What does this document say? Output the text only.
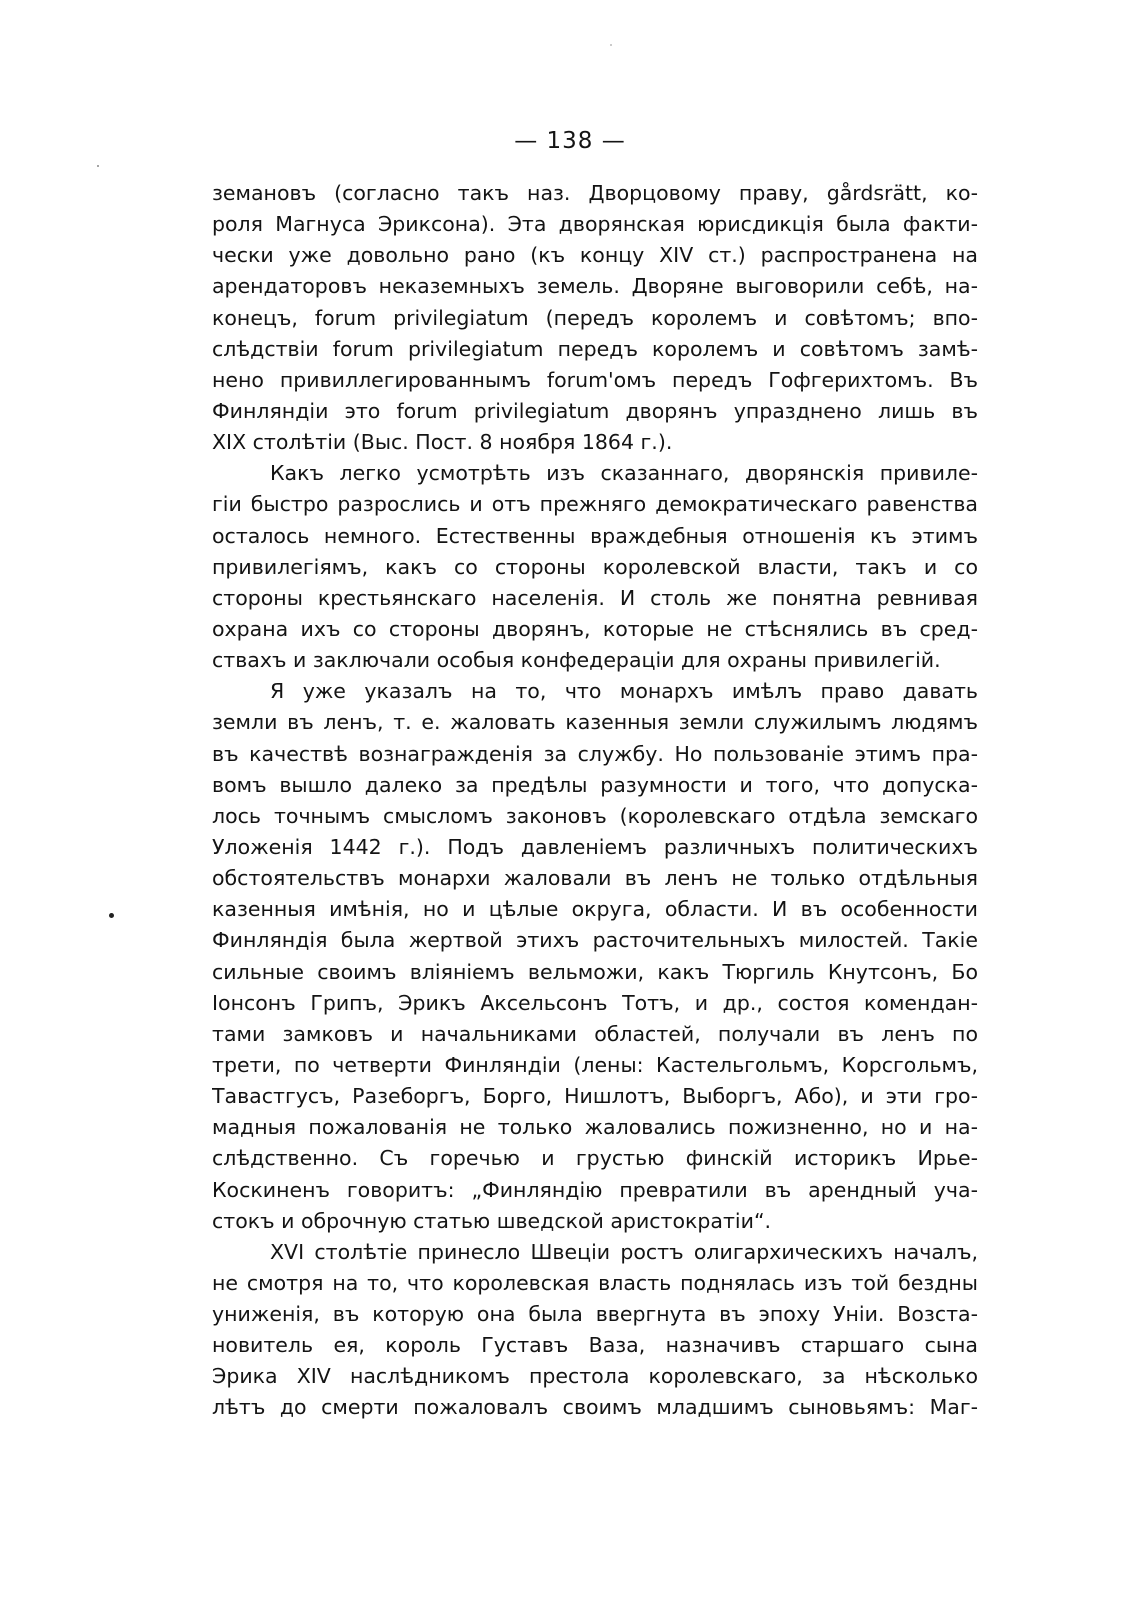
— 138 —
земановъ (согласно такъ наз. Дворцовому праву, gårdsrätt, ко-
роля Магнуса Эриксона). Эта дворянская юрисдикція была факти-
чески уже довольно рано (къ концу XIV ст.) распространена на
арендаторовъ неказемныхъ земель. Дворяне выговорили себѣ, на-
конецъ, forum privilegiatum (передъ королемъ и совѣтомъ; впо-
слѣдствіи forum privilegiatum передъ королемъ и совѣтомъ замѣ-
нено привиллегированнымъ forum'омъ передъ Гофгерихтомъ. Въ
Финляндіи это forum privilegiatum дворянъ упразднено лишь въ
XIX столѣтіи (Выс. Пост. 8 ноября 1864 г.).
Какъ легко усмотрѣть изъ сказаннаго, дворянскія привиле-
гіи быстро разрослись и отъ прежняго демократическаго равенства
осталось немного. Естественны враждебныя отношенія къ этимъ
привилегіямъ, какъ со стороны королевской власти, такъ и со
стороны крестьянскаго населенія. И столь же понятна ревнивая
охрана ихъ со стороны дворянъ, которые не стѣснялись въ сред-
ствахъ и заключали особыя конфедераціи для охраны привилегій.
Я уже указалъ на то, что монархъ имѣлъ право давать
земли въ ленъ, т. е. жаловать казенныя земли служилымъ людямъ
въ качествѣ вознагражденія за службу. Но пользованіе этимъ пра-
вомъ вышло далеко за предѣлы разумности и того, что допуска-
лось точнымъ смысломъ законовъ (королевскаго отдѣла земскаго
Уложенія 1442 г.). Подъ давленіемъ различныхъ политическихъ
обстоятельствъ монархи жаловали въ ленъ не только отдѣльныя
казенныя имѣнія, но и цѣлые округа, области. И въ особенности
Финляндія была жертвой этихъ расточительныхъ милостей. Такіе
сильные своимъ вліяніемъ вельможи, какъ Тюргиль Кнутсонъ, Бо
Іонсонъ Грипъ, Эрикъ Аксельсонъ Тотъ, и др., состоя комендан-
тами замковъ и начальниками областей, получали въ ленъ по
трети, по четверти Финляндіи (лены: Кастельгольмъ, Корсгольмъ,
Тавастгусъ, Разеборгъ, Борго, Нишлотъ, Выборгъ, Або), и эти гро-
мадныя пожалованія не только жаловались пожизненно, но и на-
слѣдственно. Съ горечью и грустью финскій историкъ Ирье-
Коскиненъ говоритъ: „Финляндію превратили въ арендный уча-
стокъ и оброчную статью шведской аристократіи“.
XVI столѣтіе принесло Швеціи ростъ олигархическихъ началъ,
не смотря на то, что королевская власть поднялась изъ той бездны
униженія, въ которую она была ввергнута въ эпоху Уніи. Возста-
новитель ея, король Густавъ Ваза, назначивъ старшаго сына
Эрика XIV наслѣдникомъ престола королевскаго, за нѣсколько
лѣтъ до смерти пожаловалъ своимъ младшимъ сыновьямъ: Маг-
